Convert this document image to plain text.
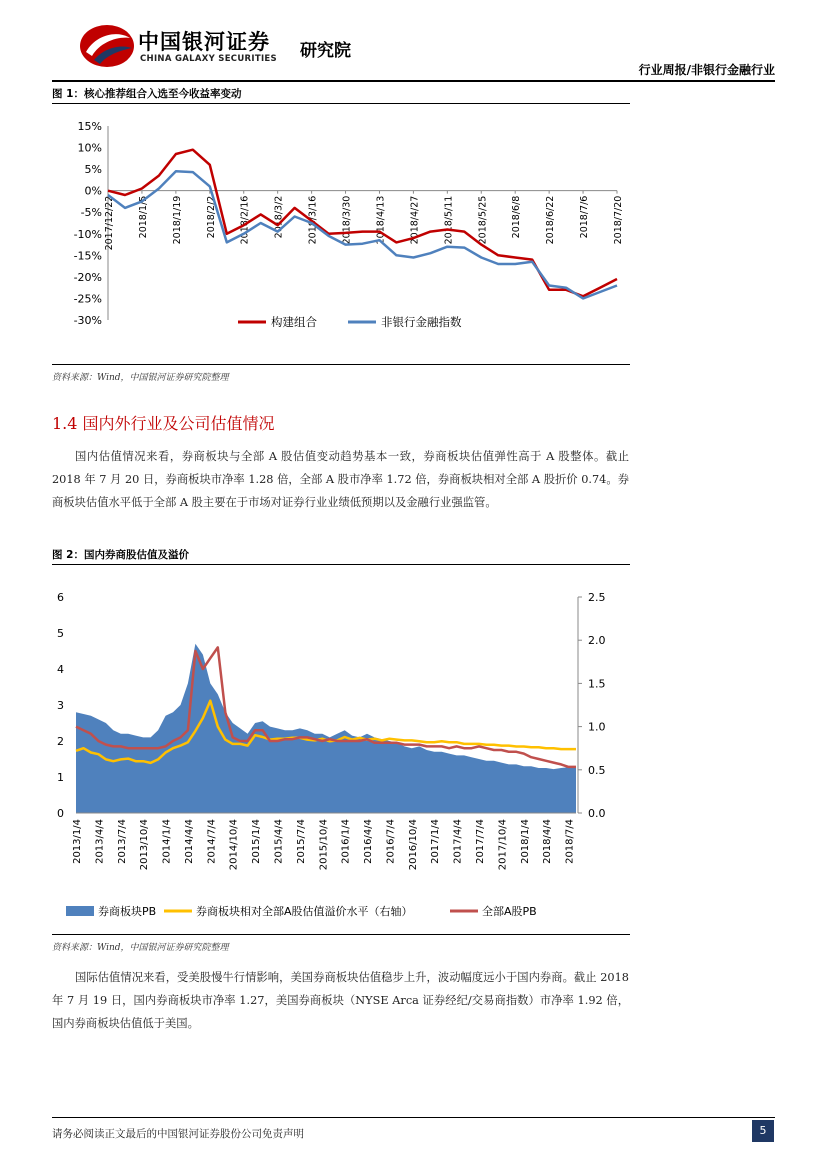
中国银河证券 研究院
CHINA GALAXY SECURITIES
行业周报/非银行金融行业
图 1：核心推荐组合入选至今收益率变动
15%
10%
5%
0%
-5%
-10%
-15%
-20%
-25%
-30%
2017/12/22 2018/1/5 2018/1/19 2018/2/2 2018/2/16 2018/3/2 2018/3/16 2018/3/30 2018/4/13 2018/4/27 2018/5/11 2018/5/25 2018/6/8 2018/6/22 2018/7/6 2018/7/20
构建组合	非银行金融指数
资料来源：Wind，中国银河证券研究院整理
1.4 国内外行业及公司估值情况
国内估值情况来看，券商板块与全部 A 股估值变动趋势基本一致，券商板块估值弹性高于 A 股整体。截止 2018 年 7 月 20 日，券商板块市净率 1.28 倍，全部 A 股市净率 1.72 倍，券商板块相对全部 A 股折价 0.74。券商板块估值水平低于全部 A 股主要在于市场对证券行业业绩低预期以及金融行业强监管。
图 2：国内券商股估值及溢价
6
5
4
3
2
1
0
2.5
2.0
1.5
1.0
0.5
0.0
2013/1/4 2013/4/4 2013/7/4 2013/10/4 2014/1/4 2014/4/4 2014/7/4 2014/10/4 2015/1/4 2015/4/4 2015/7/4 2015/10/4 2016/1/4 2016/4/4 2016/7/4 2016/10/4 2017/1/4 2017/4/4 2017/7/4 2017/10/4 2018/1/4 2018/4/4 2018/7/4
券商板块PB	券商板块相对全部A股估值溢价水平（右轴）	全部A股PB
资料来源：Wind，中国银河证券研究院整理
国际估值情况来看，受美股慢牛行情影响，美国券商板块估值稳步上升，波动幅度远小于国内券商。截止 2018 年 7 月 19 日，国内券商板块市净率 1.27，美国券商板块（NYSE Arca 证券经纪/交易商指数）市净率 1.92 倍，国内券商板块估值低于美国。
请务必阅读正文最后的中国银河证券股份公司免责声明	5
